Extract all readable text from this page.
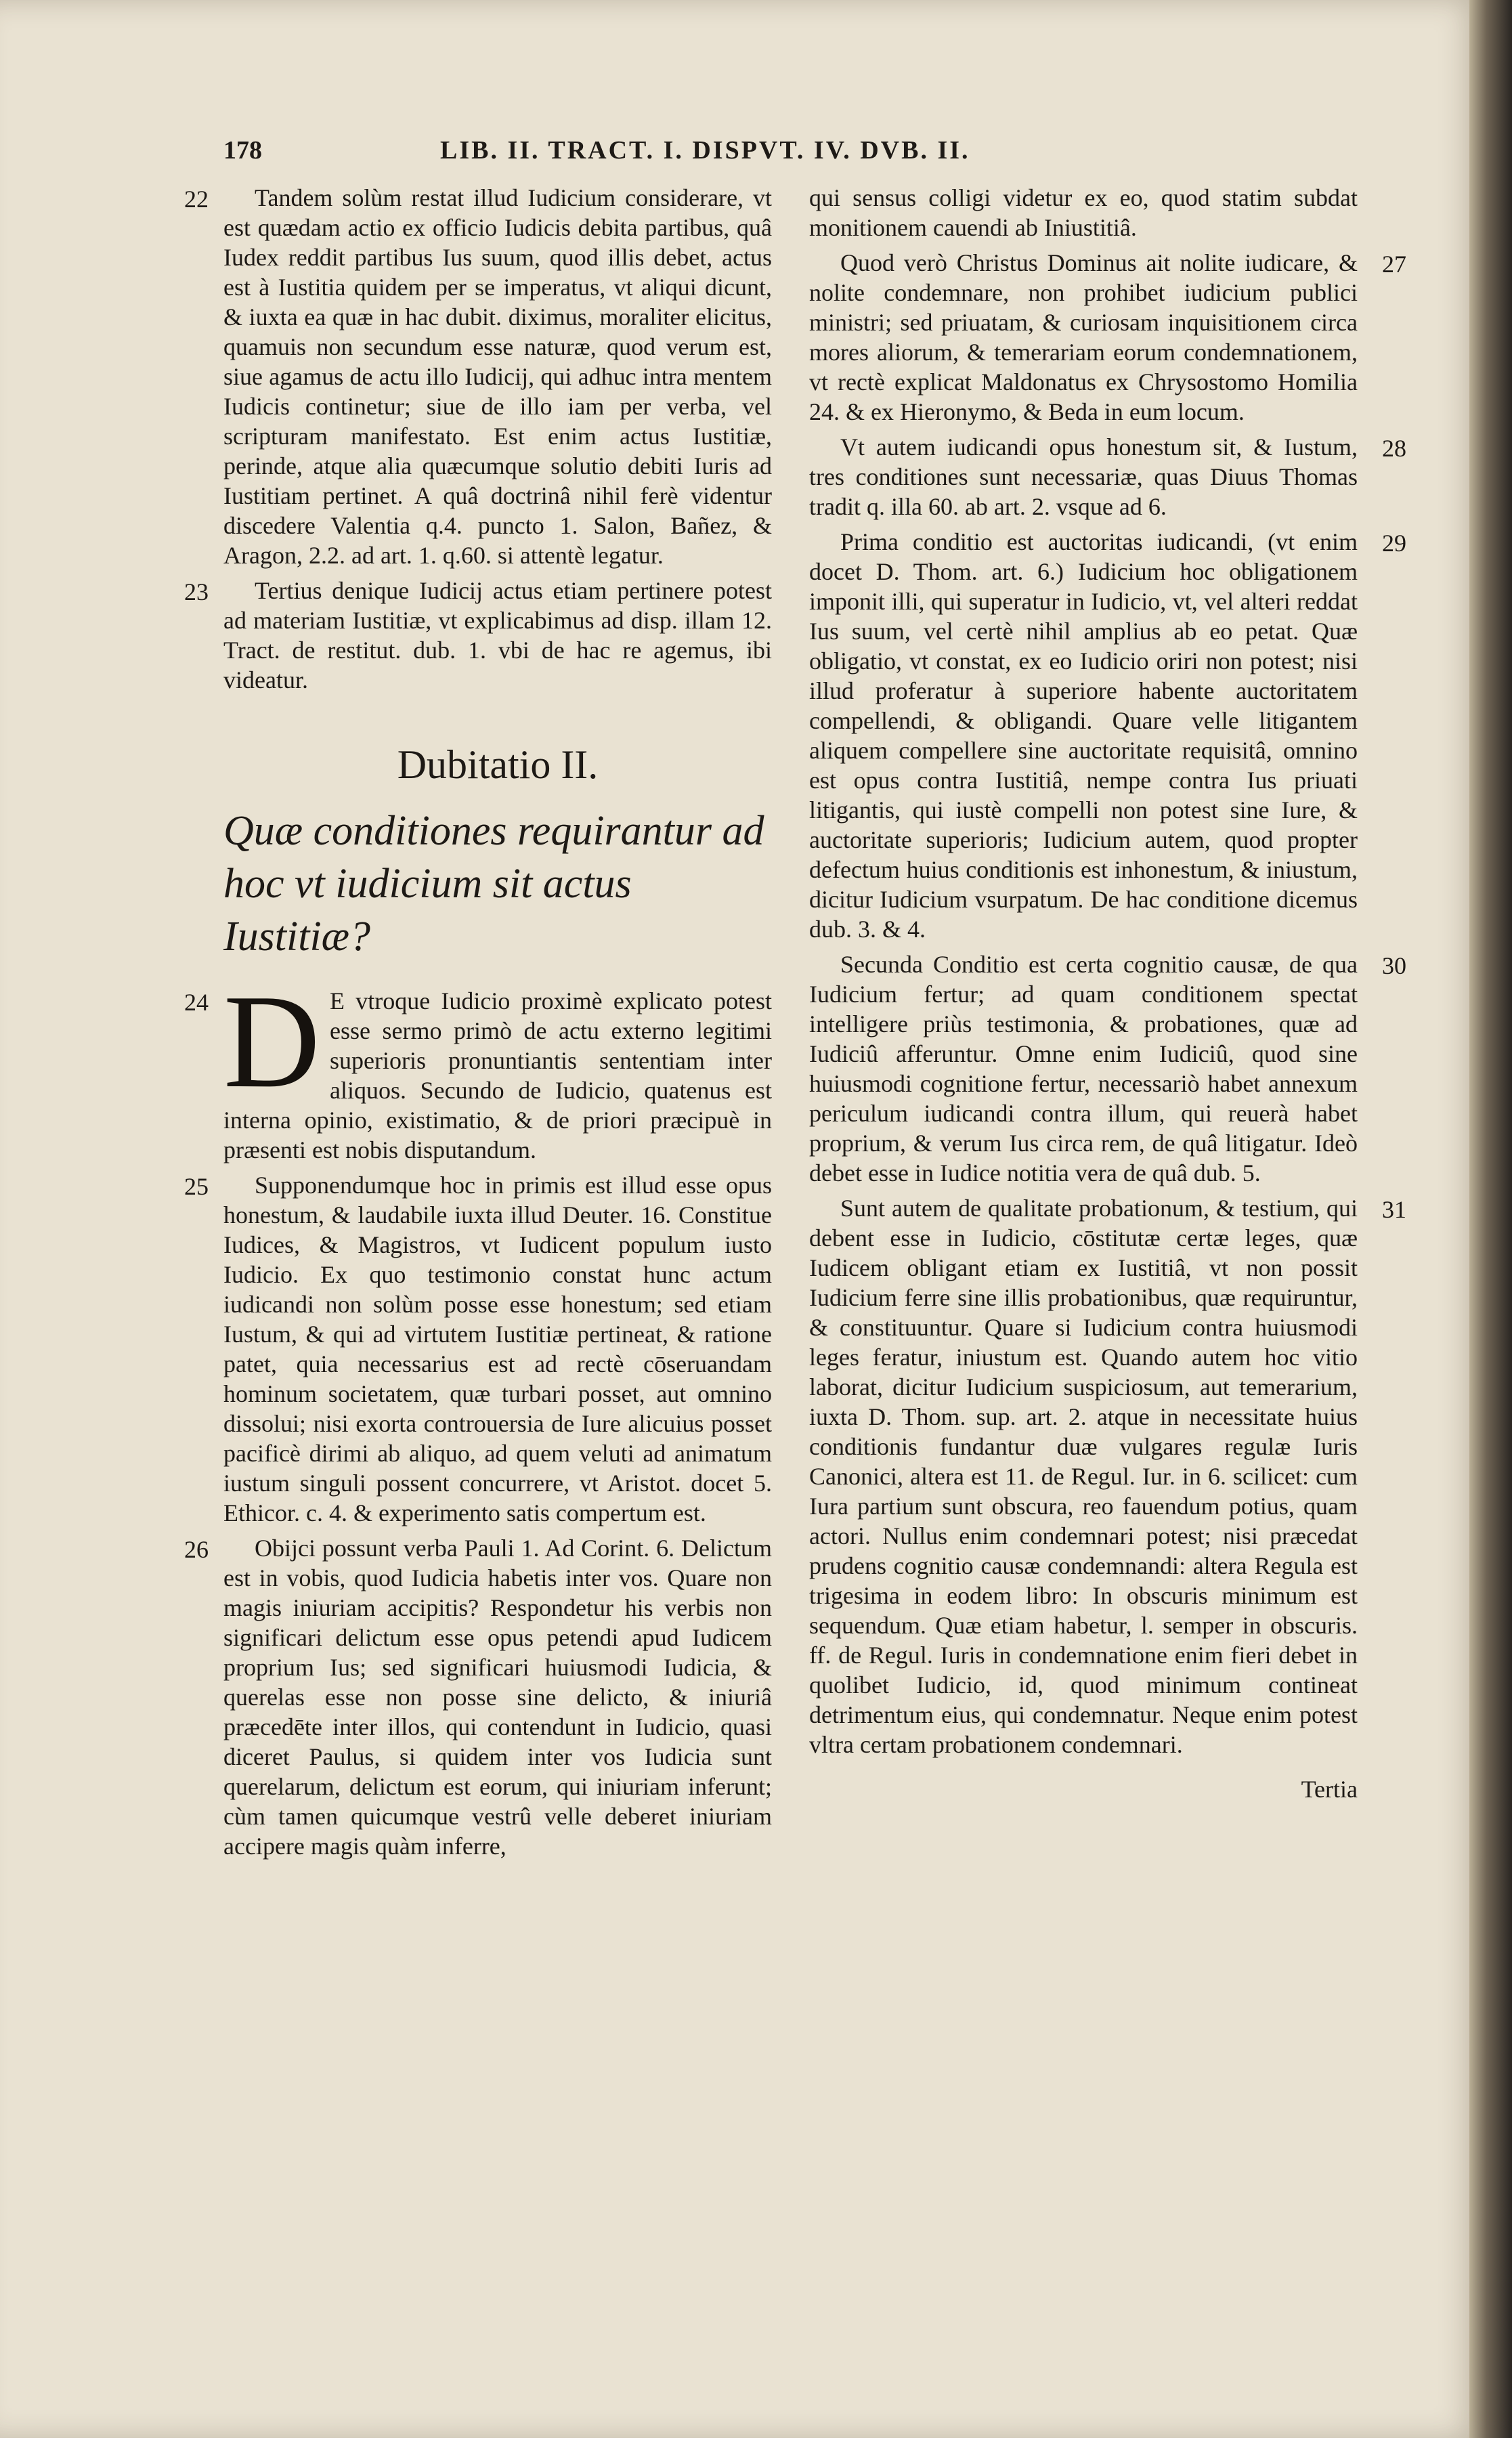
178	LIB. II. TRACT. I. DISPVT. IV. DVB. II.

22 Tandem solùm restat illud Iudicium considerare, vt est quædam actio ex officio Iudicis debita partibus, quâ Iudex reddit partibus Ius suum, quod illis debet, actus est à Iustitia quidem per se imperatus, vt aliqui dicunt, & iuxta ea quæ in hac dubit. diximus, moraliter elicitus, quamuis non secundum esse naturæ, quod verum est, siue agamus de actu illo Iudicij, qui adhuc intra mentem Iudicis continetur; siue de illo iam per verba, vel scripturam manifestato. Est enim actus Iustitiæ, perinde, atque alia quæcumque solutio debiti Iuris ad Iustitiam pertinet. A quâ doctrinâ nihil ferè videntur discedere Valentia q.4. puncto 1. Salon, Bañez, & Aragon, 2.2. ad art. 1. q.60. si attentè legatur.

23 Tertius denique Iudicij actus etiam pertinere potest ad materiam Iustitiæ, vt explicabimus ad disp. illam 12. Tract. de restitut. dub. 1. vbi de hac re agemus, ibi videatur.

Dubitatio II.
Quæ conditiones requirantur ad hoc vt iudicium sit actus Iustitiæ?

24 D E vtroque Iudicio proximè explicato potest esse sermo primò de actu externo legitimi superioris pronuntiantis sententiam inter aliquos. Secundo de Iudicio, quatenus est interna opinio, existimatio, & de priori præcipuè in præsenti est nobis disputandum.

25 Supponendumque hoc in primis est illud esse opus honestum, & laudabile iuxta illud Deuter. 16. Constitue Iudices, & Magistros, vt Iudicent populum iusto Iudicio. Ex quo testimonio constat hunc actum iudicandi non solùm posse esse honestum; sed etiam Iustum, & qui ad virtutem Iustitiæ pertineat, & ratione patet, quia necessarius est ad rectè cōseruandam hominum societatem, quæ turbari posset, aut omnino dissolui; nisi exorta controuersia de Iure alicuius posset pacificè dirimi ab aliquo, ad quem veluti ad animatum iustum singuli possent concurrere, vt Aristot. docet 5. Ethicor. c. 4. & experimento satis compertum est.

26 Obijci possunt verba Pauli 1. Ad Corint. 6. Delictum est in vobis, quod Iudicia habetis inter vos. Quare non magis iniuriam accipitis? Respondetur his verbis non significari delictum esse opus petendi apud Iudicem proprium Ius; sed significari huiusmodi Iudicia, & querelas esse non posse sine delicto, & iniuriâ præcedēte inter illos, qui contendunt in Iudicio, quasi diceret Paulus, si quidem inter vos Iudicia sunt querelarum, delictum est eorum, qui iniuriam inferunt; cùm tamen quicumque vestrû velle deberet iniuriam accipere magis quàm inferre,

qui sensus colligi videtur ex eo, quod statim subdat monitionem cauendi ab Iniustitiâ.

27
Quod verò Christus Dominus ait nolite iudicare, & nolite condemnare, non prohibet iudicium publici ministri; sed priuatam, & curiosam inquisitionem circa mores aliorum, & temerariam eorum condemnationem, vt rectè explicat Maldonatus ex Chrysostomo Homilia 24. & ex Hieronymo, & Beda in eum locum.

28
Vt autem iudicandi opus honestum sit, & Iustum, tres conditiones sunt necessariæ, quas Diuus Thomas tradit q. illa 60. ab art. 2. vsque ad 6.

29
Prima conditio est auctoritas iudicandi, (vt enim docet D. Thom. art. 6.) Iudicium hoc obligationem imponit illi, qui superatur in Iudicio, vt, vel alteri reddat Ius suum, vel certè nihil amplius ab eo petat. Quæ obligatio, vt constat, ex eo Iudicio oriri non potest; nisi illud proferatur à superiore habente auctoritatem compellendi, & obligandi. Quare velle litigantem aliquem compellere sine auctoritate requisitâ, omnino est opus contra Iustitiâ, nempe contra Ius priuati litigantis, qui iustè compelli non potest sine Iure, & auctoritate superioris; Iudicium autem, quod propter defectum huius conditionis est inhonestum, & iniustum, dicitur Iudicium vsurpatum. De hac conditione dicemus dub. 3. & 4.

30
Secunda Conditio est certa cognitio causæ, de qua Iudicium fertur; ad quam conditionem spectat intelligere priùs testimonia, & probationes, quæ ad Iudiciû afferuntur. Omne enim Iudiciû, quod sine huiusmodi cognitione fertur, necessariò habet annexum periculum iudicandi contra illum, qui reuerà habet proprium, & verum Ius circa rem, de quâ litigatur. Ideò debet esse in Iudice notitia vera de quâ dub. 5.

31
Sunt autem de qualitate probationum, & testium, qui debent esse in Iudicio, cōstitutæ certæ leges, quæ Iudicem obligant etiam ex Iustitiâ, vt non possit Iudicium ferre sine illis probationibus, quæ requiruntur, & constituuntur. Quare si Iudicium contra huiusmodi leges feratur, iniustum est. Quando autem hoc vitio laborat, dicitur Iudicium suspiciosum, aut temerarium, iuxta D. Thom. sup. art. 2. atque in necessitate huius conditionis fundantur duæ vulgares regulæ Iuris Canonici, altera est 11. de Regul. Iur. in 6. scilicet: cum Iura partium sunt obscura, reo fauendum potius, quam actori. Nullus enim condemnari potest; nisi præcedat prudens cognitio causæ condemnandi: altera Regula est trigesima in eodem libro: In obscuris minimum est sequendum. Quæ etiam habetur, l. semper in obscuris. ff. de Regul. Iuris in condemnatione enim fieri debet in quolibet Iudicio, id, quod minimum contineat detrimentum eius, qui condemnatur. Neque enim potest vltra certam probationem condemnari.

Tertia
